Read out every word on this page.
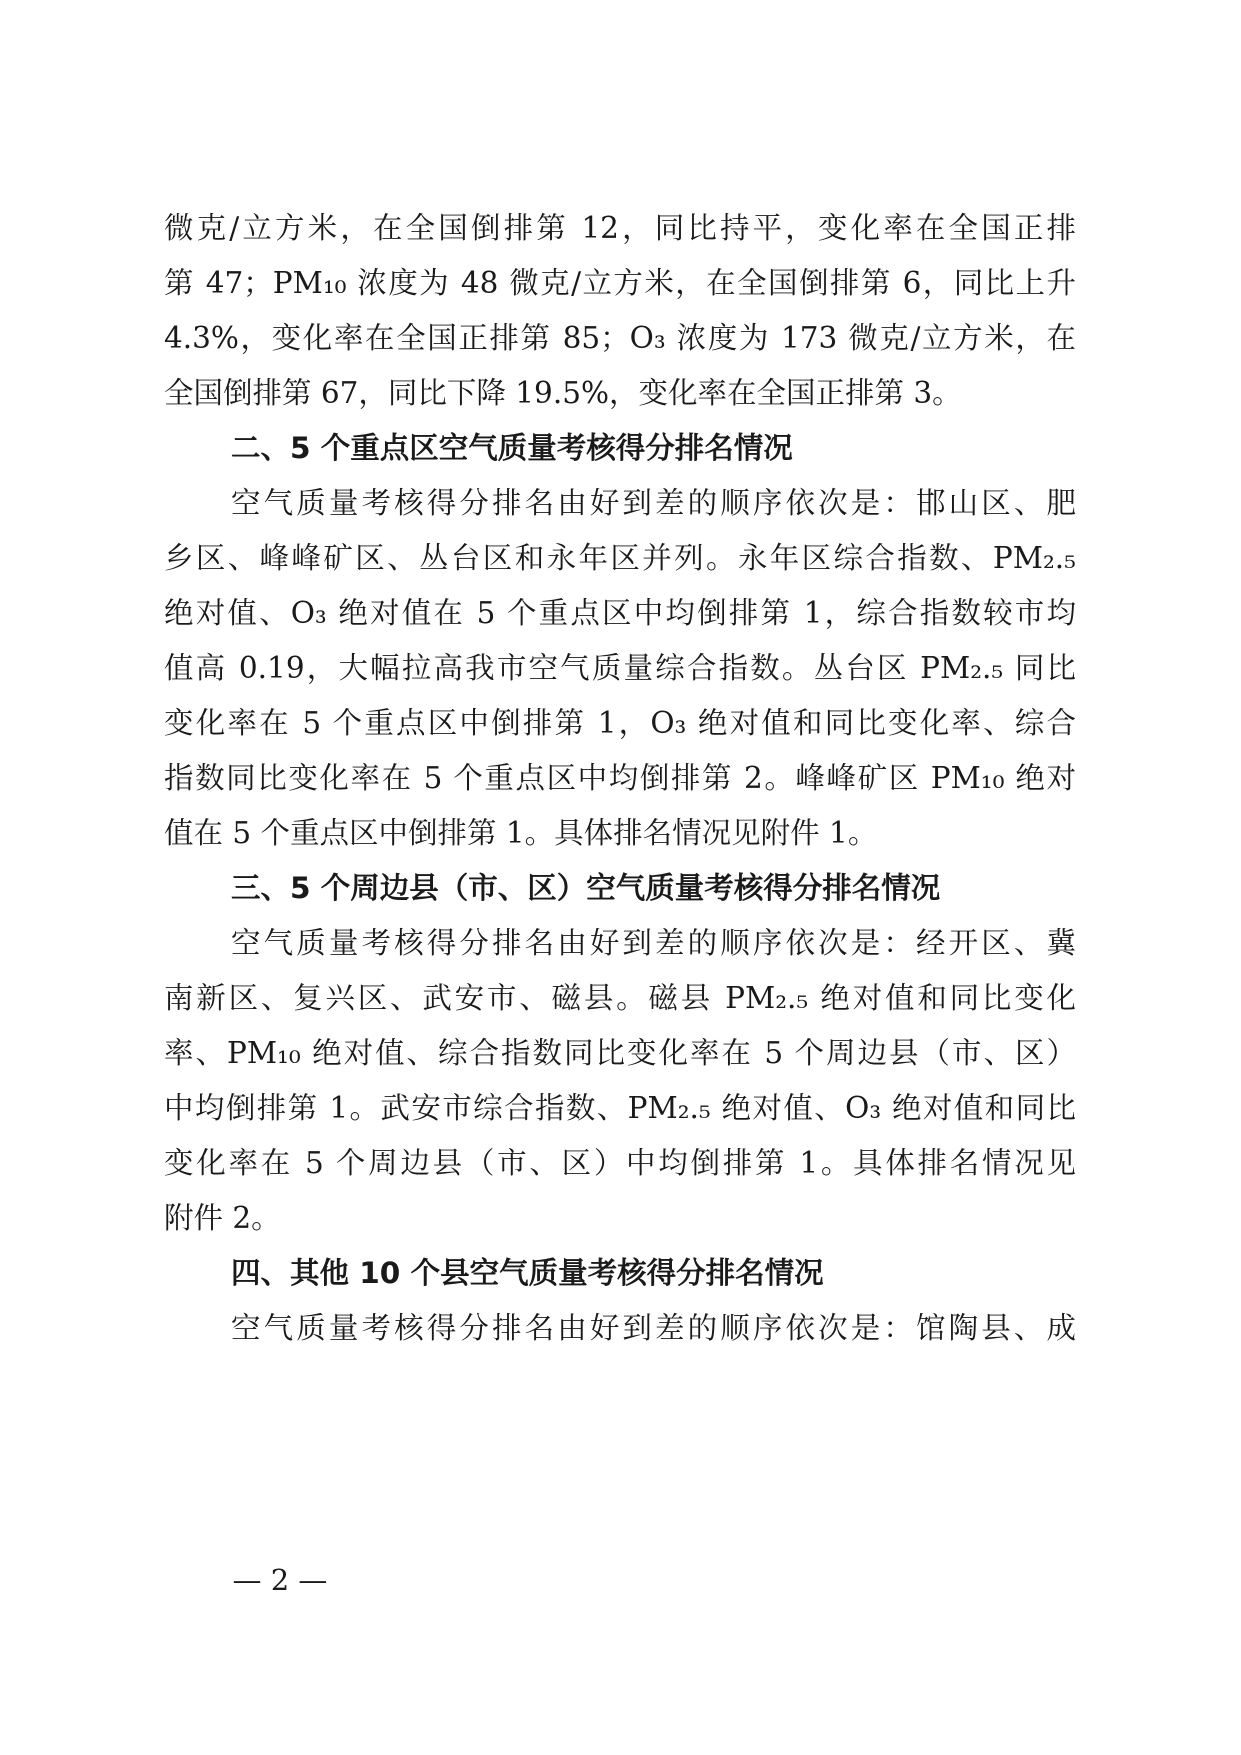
微克/立方米，在全国倒排第 12，同比持平，变化率在全国正排
第 47；PM₁₀ 浓度为 48 微克/立方米，在全国倒排第 6，同比上升
4.3%，变化率在全国正排第 85；O₃ 浓度为 173 微克/立方米，在
全国倒排第 67，同比下降 19.5%，变化率在全国正排第 3。
二、5 个重点区空气质量考核得分排名情况
空气质量考核得分排名由好到差的顺序依次是：邯山区、肥
乡区、峰峰矿区、丛台区和永年区并列。永年区综合指数、PM₂.₅
绝对值、O₃ 绝对值在 5 个重点区中均倒排第 1，综合指数较市均
值高 0.19，大幅拉高我市空气质量综合指数。丛台区 PM₂.₅ 同比
变化率在 5 个重点区中倒排第 1，O₃ 绝对值和同比变化率、综合
指数同比变化率在 5 个重点区中均倒排第 2。峰峰矿区 PM₁₀ 绝对
值在 5 个重点区中倒排第 1。具体排名情况见附件 1。
三、5 个周边县（市、区）空气质量考核得分排名情况
空气质量考核得分排名由好到差的顺序依次是：经开区、冀
南新区、复兴区、武安市、磁县。磁县 PM₂.₅ 绝对值和同比变化
率、PM₁₀ 绝对值、综合指数同比变化率在 5 个周边县（市、区）
中均倒排第 1。武安市综合指数、PM₂.₅ 绝对值、O₃ 绝对值和同比
变化率在 5 个周边县（市、区）中均倒排第 1。具体排名情况见
附件 2。
四、其他 10 个县空气质量考核得分排名情况
空气质量考核得分排名由好到差的顺序依次是：馆陶县、成
— 2 —
